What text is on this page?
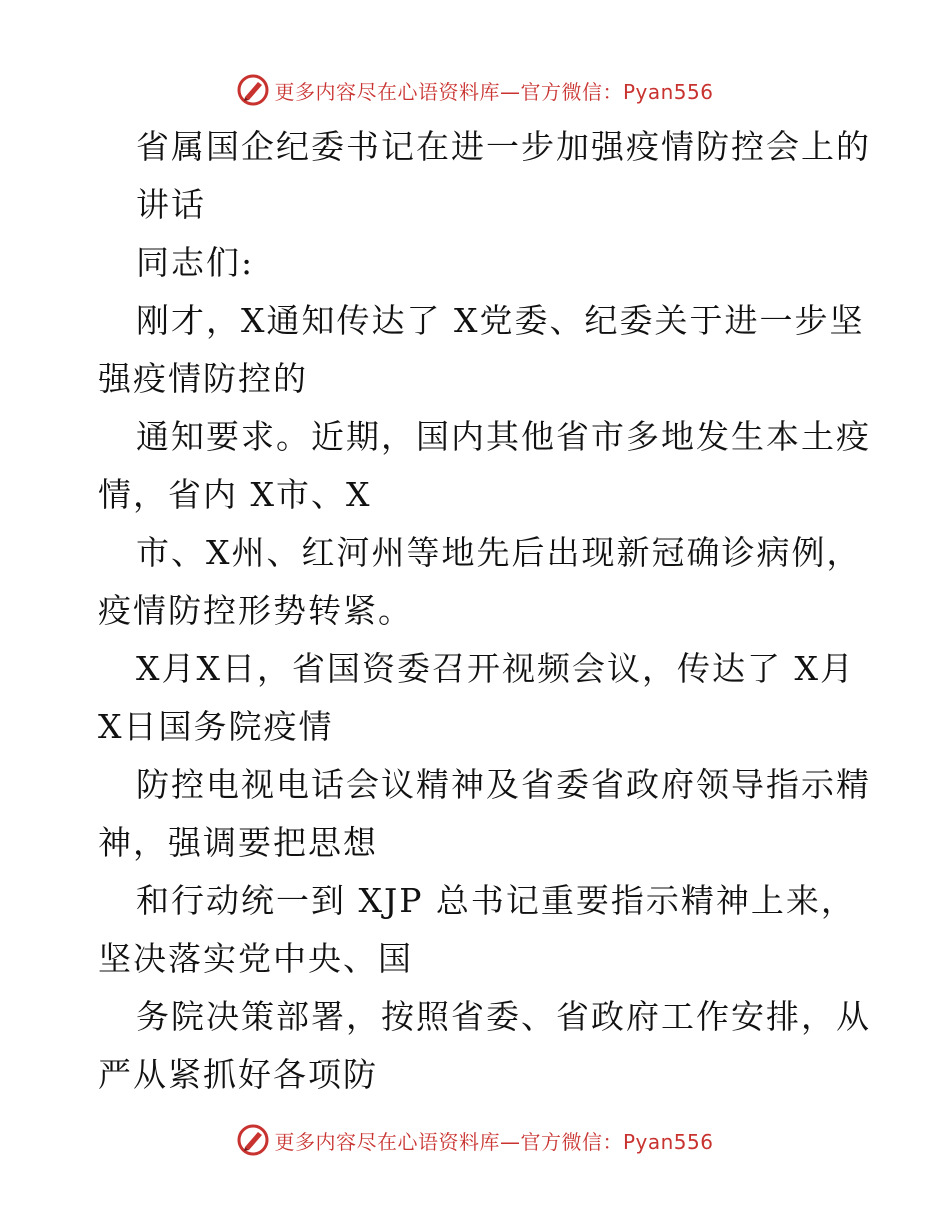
更多内容尽在心语资料库—官方微信：Pyan556
省属国企纪委书记在进一步加强疫情防控会上的
讲话
同志们:
刚才，X通知传达了 X党委、纪委关于进一步坚
强疫情防控的
通知要求。近期，国内其他省市多地发生本土疫
情，省内 X市、X
市、X州、红河州等地先后出现新冠确诊病例，
疫情防控形势转紧。
X月X日，省国资委召开视频会议，传达了 X月
X日国务院疫情
防控电视电话会议精神及省委省政府领导指示精
神，强调要把思想
和行动统一到 XJP 总书记重要指示精神上来，
坚决落实党中央、国
务院决策部署，按照省委、省政府工作安排，从
严从紧抓好各项防
更多内容尽在心语资料库—官方微信：Pyan556
